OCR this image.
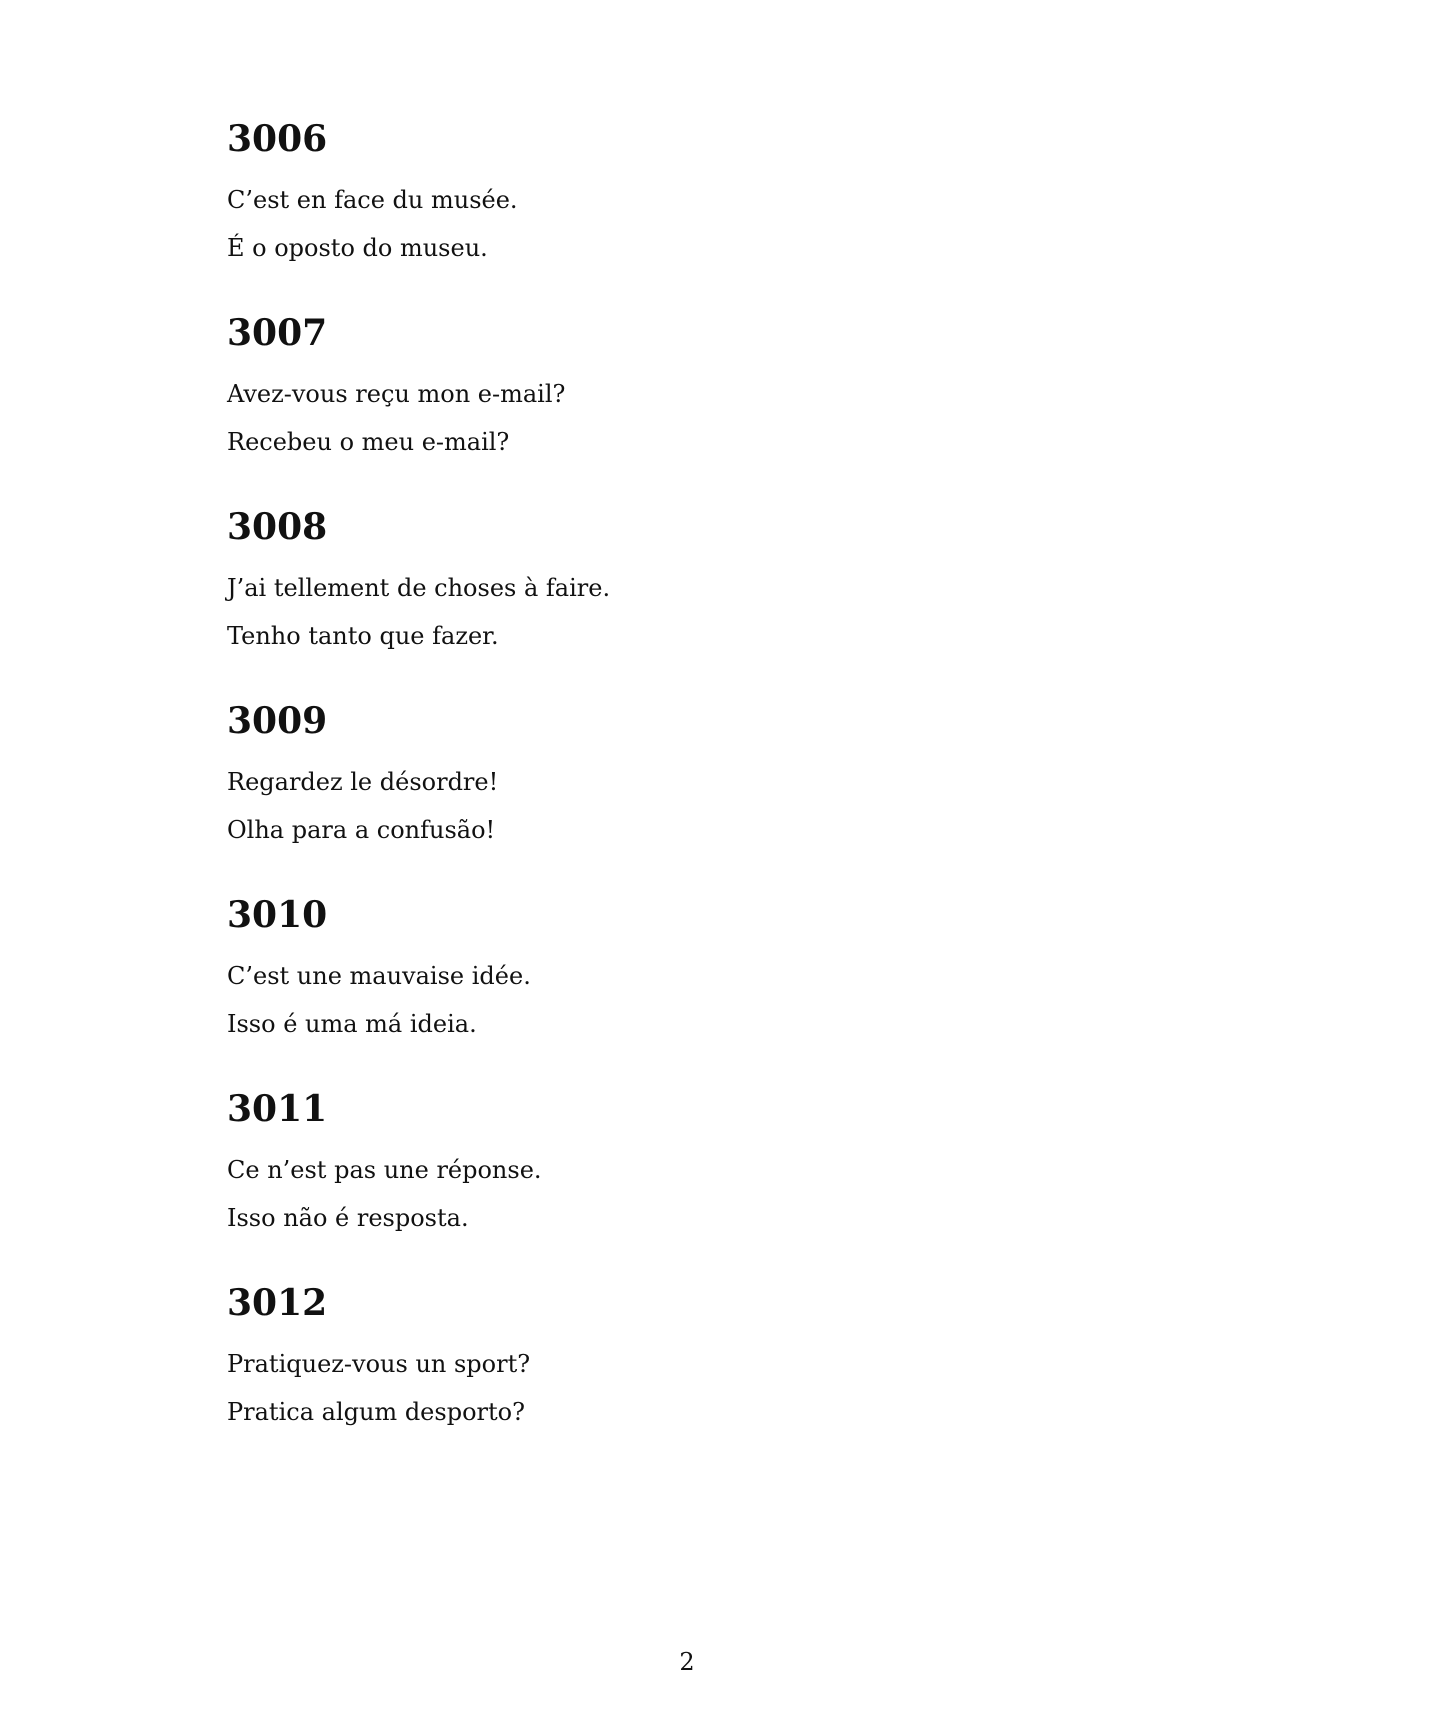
3006
C’est en face du musée.
É o oposto do museu.
3007
Avez-vous reçu mon e-mail?
Recebeu o meu e-mail?
3008
J’ai tellement de choses à faire.
Tenho tanto que fazer.
3009
Regardez le désordre!
Olha para a confusão!
3010
C’est une mauvaise idée.
Isso é uma má ideia.
3011
Ce n’est pas une réponse.
Isso não é resposta.
3012
Pratiquez-vous un sport?
Pratica algum desporto?
2
